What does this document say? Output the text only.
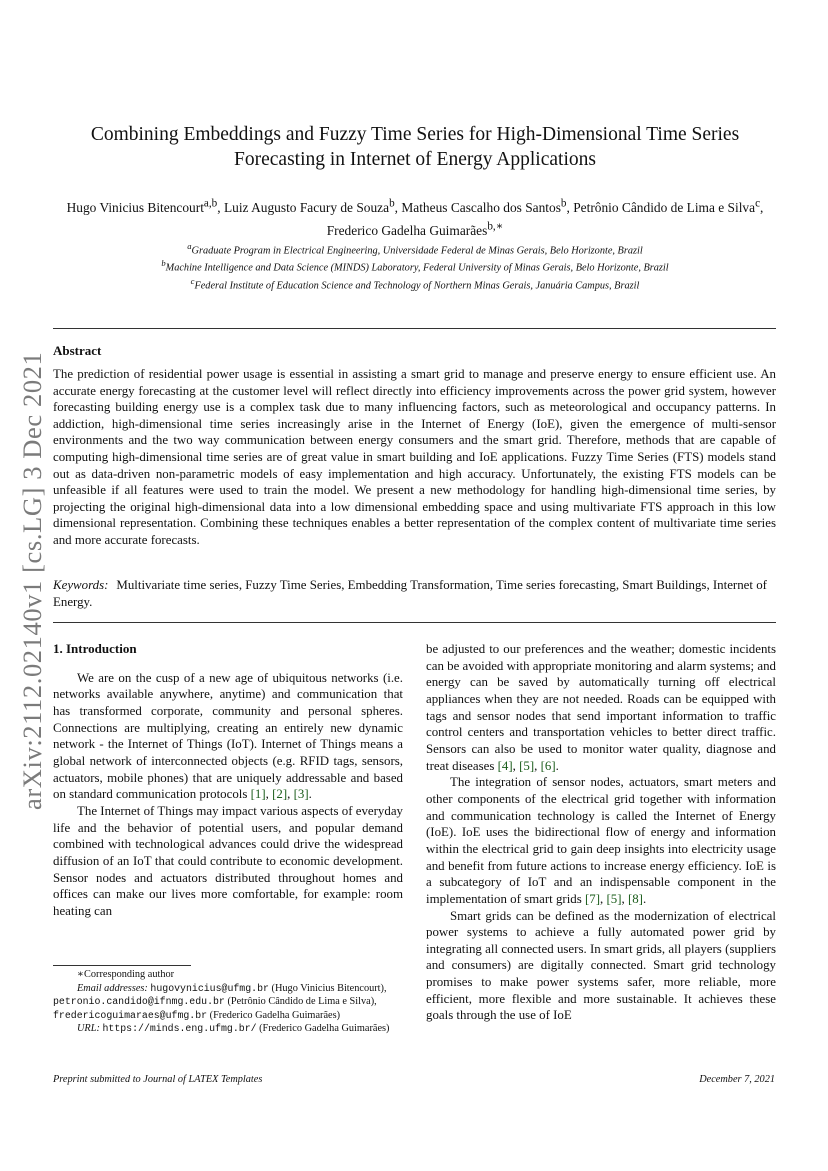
arXiv:2112.02140v1 [cs.LG] 3 Dec 2021
Combining Embeddings and Fuzzy Time Series for High-Dimensional Time Series Forecasting in Internet of Energy Applications
Hugo Vinicius Bitencourt$^{a,b}$, Luiz Augusto Facury de Souza$^b$, Matheus Cascalho dos Santos$^b$, Petrônio Cândido de Lima e Silva$^c$, Frederico Gadelha Guimarães$^{b,∗}$
$^a$Graduate Program in Electrical Engineering, Universidade Federal de Minas Gerais, Belo Horizonte, Brazil
$^b$Machine Intelligence and Data Science (MINDS) Laboratory, Federal University of Minas Gerais, Belo Horizonte, Brazil
$^c$Federal Institute of Education Science and Technology of Northern Minas Gerais, Januária Campus, Brazil
Abstract
The prediction of residential power usage is essential in assisting a smart grid to manage and preserve energy to ensure efficient use. An accurate energy forecasting at the customer level will reflect directly into efficiency improvements across the power grid system, however forecasting building energy use is a complex task due to many influencing factors, such as meteorological and occupancy patterns. In addiction, high-dimensional time series increasingly arise in the Internet of Energy (IoE), given the emergence of multi-sensor environments and the two way communication between energy consumers and the smart grid. Therefore, methods that are capable of computing high-dimensional time series are of great value in smart building and IoE applications. Fuzzy Time Series (FTS) models stand out as data-driven non-parametric models of easy implementation and high accuracy. Unfortunately, the existing FTS models can be unfeasible if all features were used to train the model. We present a new methodology for handling high-dimensional time series, by projecting the original high-dimensional data into a low dimensional embedding space and using multivariate FTS approach in this low dimensional representation. Combining these techniques enables a better representation of the complex content of multivariate time series and more accurate forecasts.
Keywords: Multivariate time series, Fuzzy Time Series, Embedding Transformation, Time series forecasting, Smart Buildings, Internet of Energy.
1. Introduction

We are on the cusp of a new age of ubiquitous networks (i.e. networks available anywhere, anytime) and communication that has transformed corporate, community and personal spheres. Connections are multiplying, creating an entirely new dynamic network - the Internet of Things (IoT). Internet of Things means a global network of interconnected objects (e.g. RFID tags, sensors, actuators, mobile phones) that are uniquely addressable and based on standard communication protocols [1], [2], [3].

The Internet of Things may impact various aspects of everyday life and the behavior of potential users, and popular demand combined with technological advances could drive the widespread diffusion of an IoT that could contribute to economic development. Sensor nodes and actuators distributed throughout homes and offices can make our lives more comfortable, for example: room heating can

be adjusted to our preferences and the weather; domestic incidents can be avoided with appropriate monitoring and alarm systems; and energy can be saved by automatically turning off electrical appliances when they are not needed. Roads can be equipped with tags and sensor nodes that send important information to traffic control centers and transportation vehicles to better direct traffic. Sensors can also be used to monitor water quality, diagnose and treat diseases [4], [5], [6].

The integration of sensor nodes, actuators, smart meters and other components of the electrical grid together with information and communication technology is called the Internet of Energy (IoE). IoE uses the bidirectional flow of energy and information within the electrical grid to gain deep insights into electricity usage and benefit from future actions to increase energy efficiency. IoE is a subcategory of IoT and an indispensable component in the implementation of smart grids [7], [5], [8].

Smart grids can be defined as the modernization of electrical power systems to achieve a fully automated power grid by integrating all connected users. In smart grids, all players (suppliers and consumers) are digitally connected. Smart grid technology promises to make power systems safer, more reliable, more efficient, more flexible and more sustainable. It achieves these goals through the use of IoE

∗Corresponding author

Email addresses: hugovynicius@ufmg.br (Hugo Vinicius Bitencourt), petronio.candido@ifnmg.edu.br (Petrônio Cândido de Lima e Silva), fredericoguimaraes@ufmg.br (Frederico Gadelha Guimarães)

URL: https://minds.eng.ufmg.br/ (Frederico Gadelha Guimarães)

Preprint submitted to Journal of LATEX Templates	December 7, 2021
